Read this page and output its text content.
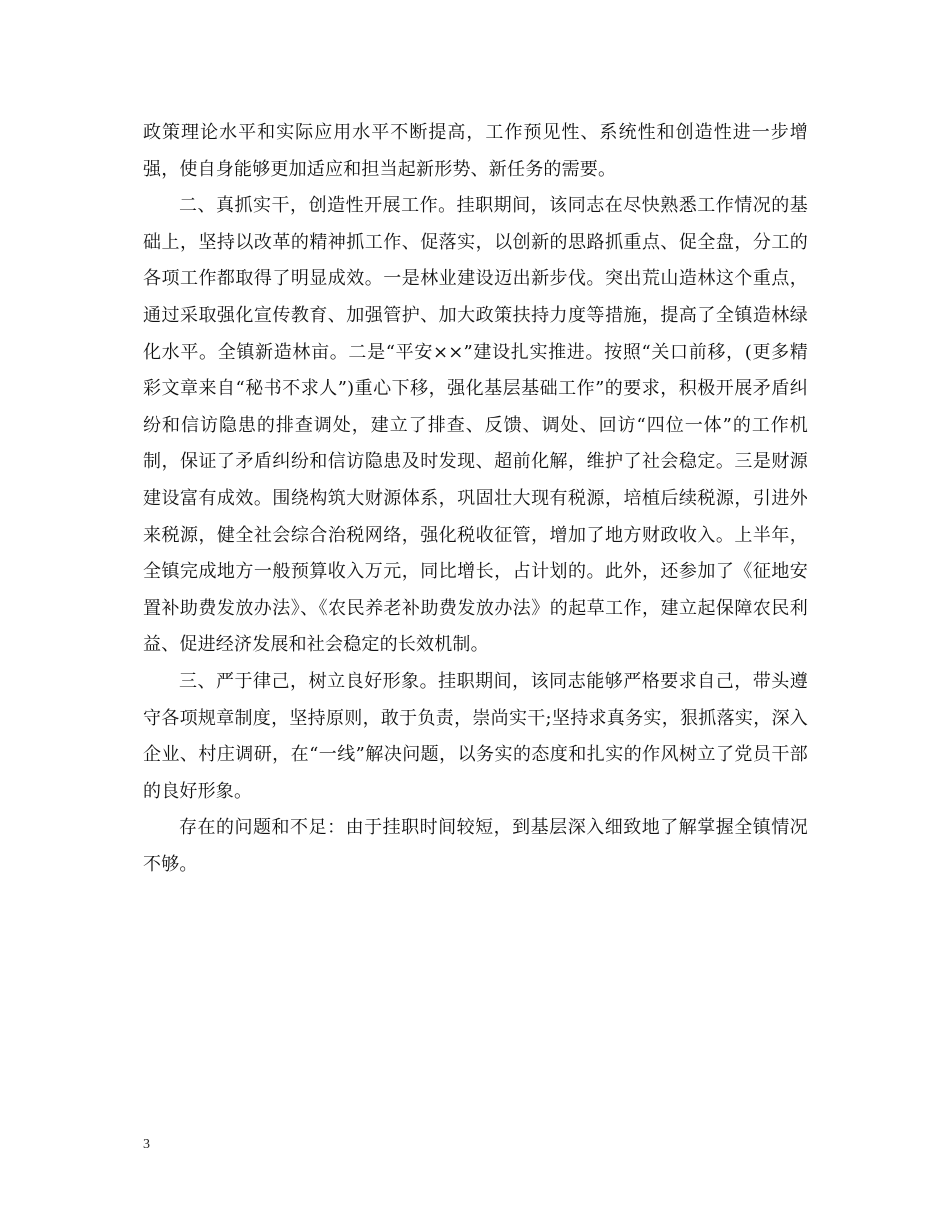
政策理论水平和实际应用水平不断提高，工作预见性、系统性和创造性进一步增强，使自身能够更加适应和担当起新形势、新任务的需要。

二、真抓实干，创造性开展工作。挂职期间，该同志在尽快熟悉工作情况的基础上，坚持以改革的精神抓工作、促落实，以创新的思路抓重点、促全盘，分工的各项工作都取得了明显成效。一是林业建设迈出新步伐。突出荒山造林这个重点，通过采取强化宣传教育、加强管护、加大政策扶持力度等措施，提高了全镇造林绿化水平。全镇新造林亩。二是“平安××”建设扎实推进。按照“关口前移，(更多精彩文章来自“秘书不求人”)重心下移，强化基层基础工作”的要求，积极开展矛盾纠纷和信访隐患的排查调处，建立了排查、反馈、调处、回访“四位一体”的工作机制，保证了矛盾纠纷和信访隐患及时发现、超前化解，维护了社会稳定。三是财源建设富有成效。围绕构筑大财源体系，巩固壮大现有税源，培植后续税源，引进外来税源，健全社会综合治税网络，强化税收征管，增加了地方财政收入。上半年，全镇完成地方一般预算收入万元，同比增长，占计划的。此外，还参加了《征地安置补助费发放办法》、《农民养老补助费发放办法》的起草工作，建立起保障农民利益、促进经济发展和社会稳定的长效机制。

三、严于律己，树立良好形象。挂职期间，该同志能够严格要求自己，带头遵守各项规章制度，坚持原则，敢于负责，崇尚实干;坚持求真务实，狠抓落实，深入企业、村庄调研，在“一线”解决问题，以务实的态度和扎实的作风树立了党员干部的良好形象。

存在的问题和不足：由于挂职时间较短，到基层深入细致地了解掌握全镇情况不够。

3
